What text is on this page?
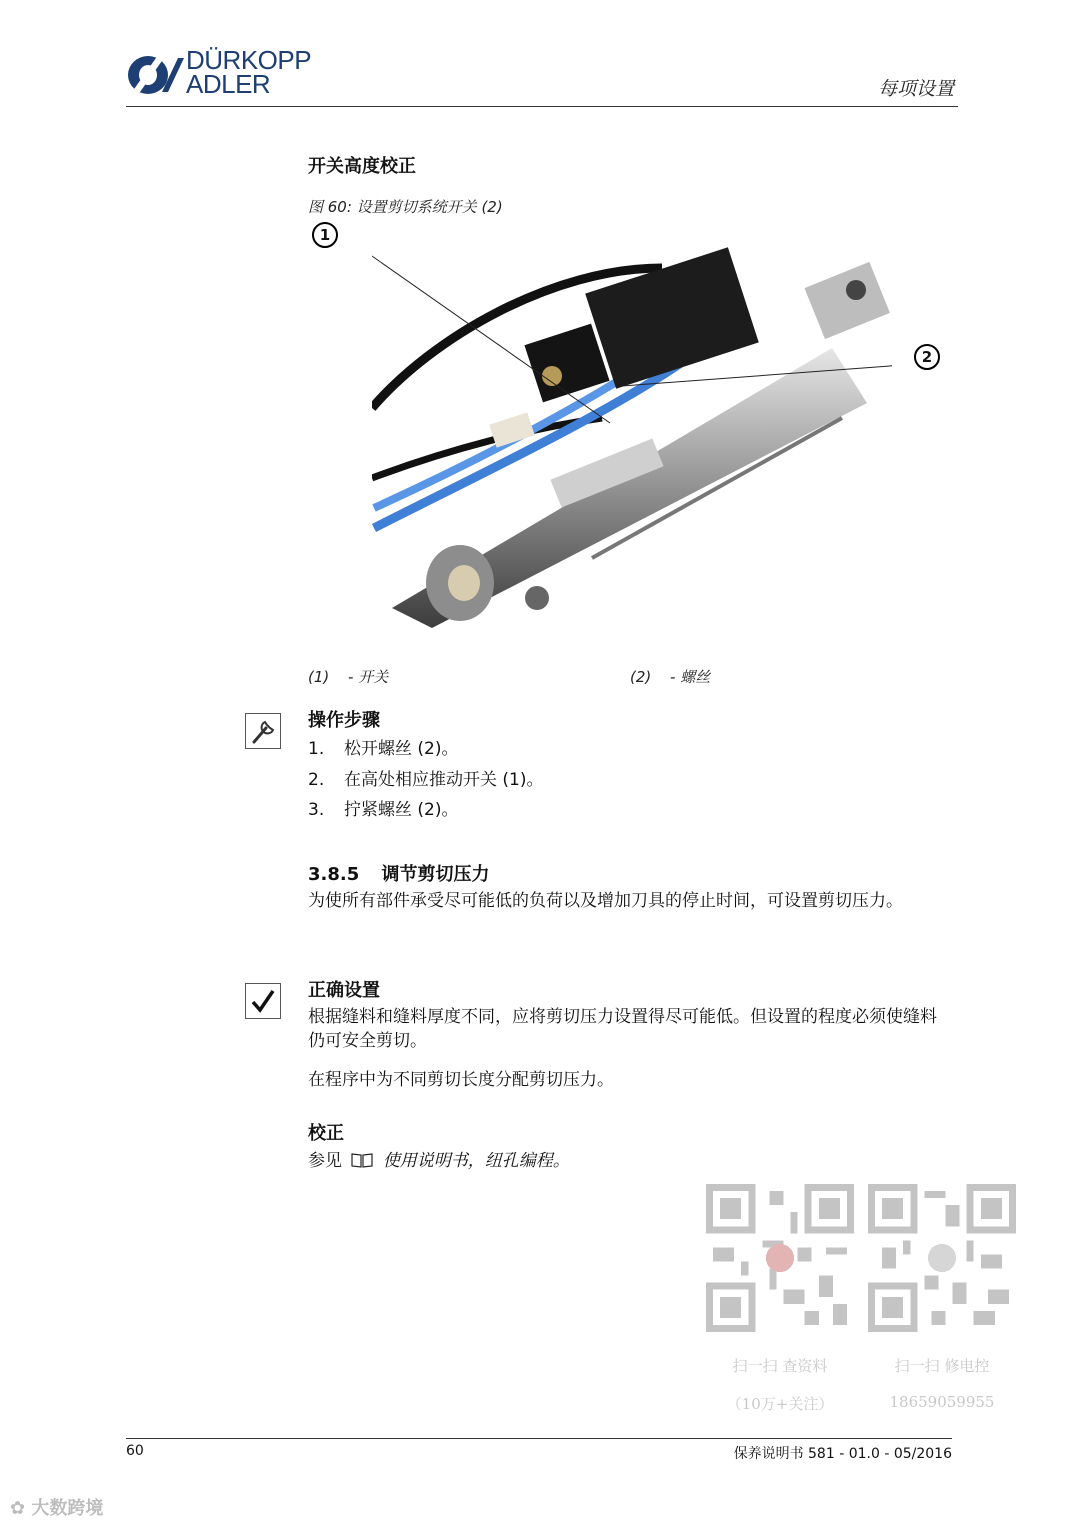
DÜRKOPP
ADLER	每项设置
开关高度校正
图 60: 设置剪切系统开关 (2)
1
2
(1) - 开关	(2) - 螺丝
操作步骤
1. 松开螺丝 (2)。
2. 在高处相应推动开关 (1)。
3. 拧紧螺丝 (2)。
3.8.5 调节剪切压力
为使所有部件承受尽可能低的负荷以及增加刀具的停止时间，可设置剪切压力。
正确设置
根据缝料和缝料厚度不同，应将剪切压力设置得尽可能低。但设置的程度必须使缝料仍可安全剪切。
在程序中为不同剪切长度分配剪切压力。
校正
参见 使用说明书，纽孔编程。
扫一扫 查资料
（10万+关注）
扫一扫 修电控
18659059955
60	保养说明书 581 - 01.0 - 05/2016
✿ 大数跨境
